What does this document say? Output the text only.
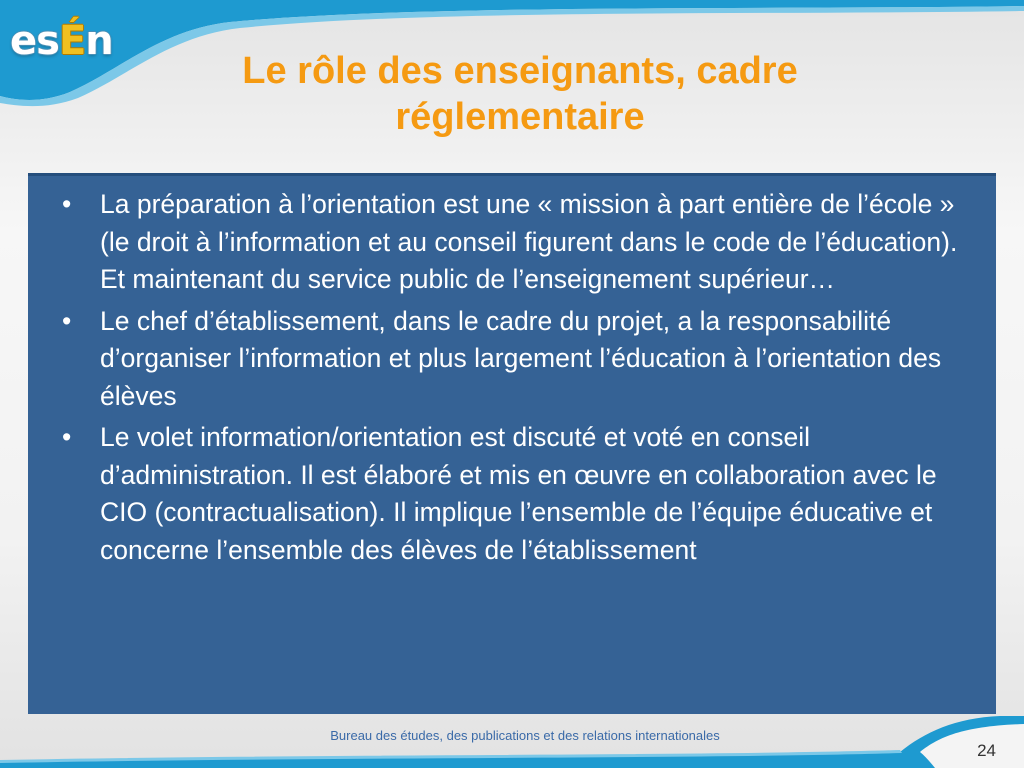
esÉn
Le rôle des enseignants, cadre
réglementaire
• La préparation à l’orientation est une « mission à part entière de l’école » (le droit à l’information et au conseil figurent dans le code de l’éducation). Et maintenant du service public de l’enseignement supérieur…
• Le chef d’établissement, dans le cadre du projet, a la responsabilité d’organiser l’information et plus largement l’éducation à l’orientation des élèves
• Le volet information/orientation est discuté et voté en conseil d’administration. Il est élaboré et mis en œuvre en collaboration avec le CIO (contractualisation). Il implique l’ensemble de l’équipe éducative et concerne l’ensemble des élèves de l’établissement
Bureau des études, des publications et des relations internationales
24
